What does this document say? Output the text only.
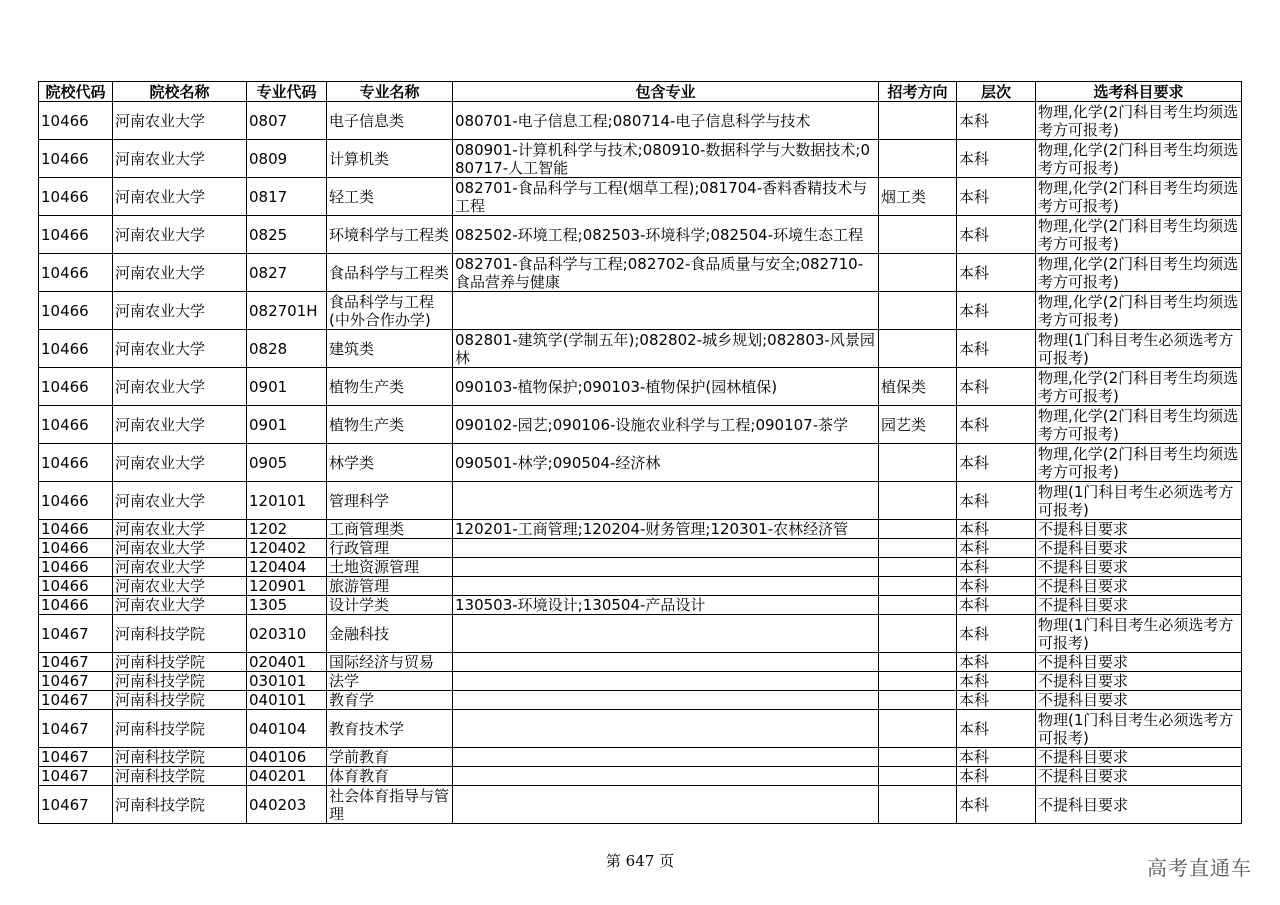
院校代码	院校名称	专业代码	专业名称	包含专业	招考方向	层次	选考科目要求
10466	河南农业大学	0807	电子信息类	080701-电子信息工程;080714-电子信息科学与技术		本科	物理,化学(2门科目考生均须选考方可报考)
10466	河南农业大学	0809	计算机类	080901-计算机科学与技术;080910-数据科学与大数据技术;080717-人工智能		本科	物理,化学(2门科目考生均须选考方可报考)
10466	河南农业大学	0817	轻工类	082701-食品科学与工程(烟草工程);081704-香料香精技术与工程	烟工类	本科	物理,化学(2门科目考生均须选考方可报考)
10466	河南农业大学	0825	环境科学与工程类	082502-环境工程;082503-环境科学;082504-环境生态工程		本科	物理,化学(2门科目考生均须选考方可报考)
10466	河南农业大学	0827	食品科学与工程类	082701-食品科学与工程;082702-食品质量与安全;082710-食品营养与健康		本科	物理,化学(2门科目考生均须选考方可报考)
10466	河南农业大学	082701H	食品科学与工程(中外合作办学)			本科	物理,化学(2门科目考生均须选考方可报考)
10466	河南农业大学	0828	建筑类	082801-建筑学(学制五年);082802-城乡规划;082803-风景园林		本科	物理(1门科目考生必须选考方可报考)
10466	河南农业大学	0901	植物生产类	090103-植物保护;090103-植物保护(园林植保)	植保类	本科	物理,化学(2门科目考生均须选考方可报考)
10466	河南农业大学	0901	植物生产类	090102-园艺;090106-设施农业科学与工程;090107-茶学	园艺类	本科	物理,化学(2门科目考生均须选考方可报考)
10466	河南农业大学	0905	林学类	090501-林学;090504-经济林		本科	物理,化学(2门科目考生均须选考方可报考)
10466	河南农业大学	120101	管理科学			本科	物理(1门科目考生必须选考方可报考)
10466	河南农业大学	1202	工商管理类	120201-工商管理;120204-财务管理;120301-农林经济管		本科	不提科目要求
10466	河南农业大学	120402	行政管理			本科	不提科目要求
10466	河南农业大学	120404	土地资源管理			本科	不提科目要求
10466	河南农业大学	120901	旅游管理			本科	不提科目要求
10466	河南农业大学	1305	设计学类	130503-环境设计;130504-产品设计		本科	不提科目要求
10467	河南科技学院	020310	金融科技			本科	物理(1门科目考生必须选考方可报考)
10467	河南科技学院	020401	国际经济与贸易			本科	不提科目要求
10467	河南科技学院	030101	法学			本科	不提科目要求
10467	河南科技学院	040101	教育学			本科	不提科目要求
10467	河南科技学院	040104	教育技术学			本科	物理(1门科目考生必须选考方可报考)
10467	河南科技学院	040106	学前教育			本科	不提科目要求
10467	河南科技学院	040201	体育教育			本科	不提科目要求
10467	河南科技学院	040203	社会体育指导与管理			本科	不提科目要求
第 647 页	高考直通车
